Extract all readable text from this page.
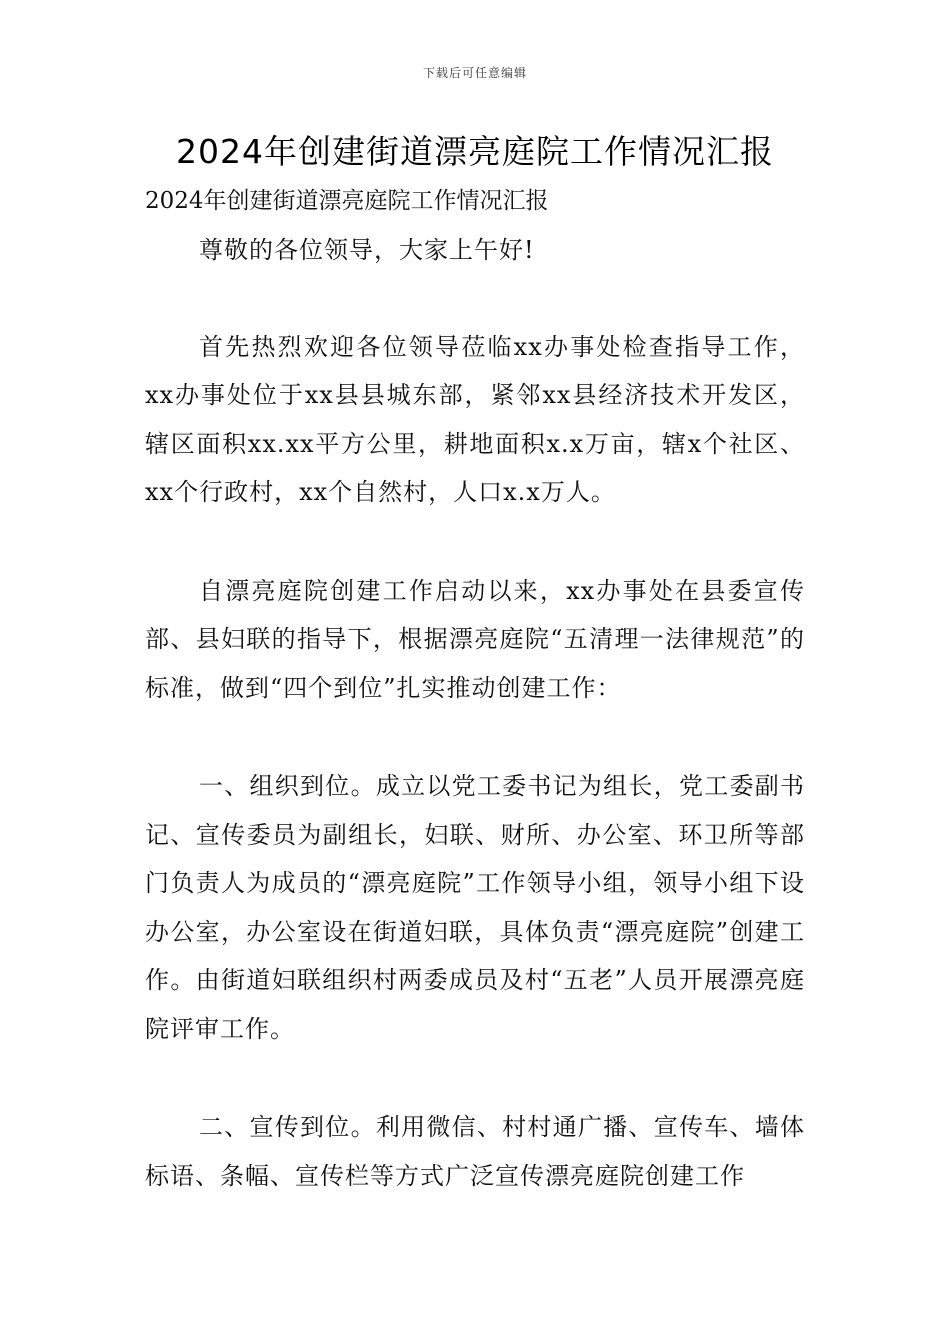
下载后可任意编辑
2024年创建街道漂亮庭院工作情况汇报
2024年创建街道漂亮庭院工作情况汇报

尊敬的各位领导，大家上午好!

首先热烈欢迎各位领导莅临xx办事处检查指导工作，xx办事处位于xx县县城东部，紧邻xx县经济技术开发区，辖区面积xx.xx平方公里，耕地面积x.x万亩，辖x个社区、xx个行政村，xx个自然村，人口x.x万人。

自漂亮庭院创建工作启动以来，xx办事处在县委宣传部、县妇联的指导下，根据漂亮庭院“五清理一法律规范”的标准，做到“四个到位”扎实推动创建工作：

一、组织到位。成立以党工委书记为组长，党工委副书记、宣传委员为副组长，妇联、财所、办公室、环卫所等部门负责人为成员的“漂亮庭院”工作领导小组，领导小组下设办公室，办公室设在街道妇联，具体负责“漂亮庭院”创建工作。由街道妇联组织村两委成员及村“五老”人员开展漂亮庭院评审工作。

二、宣传到位。利用微信、村村通广播、宣传车、墙体标语、条幅、宣传栏等方式广泛宣传漂亮庭院创建工作
